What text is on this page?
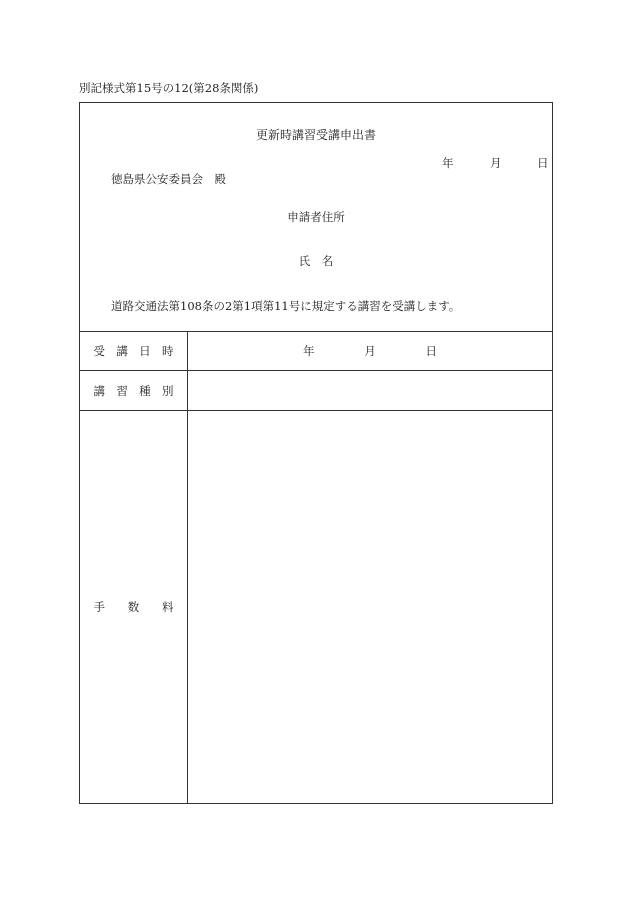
別記様式第15号の12(第28条関係)
更新時講習受講申出書
年	月	日
徳島県公安委員会　殿
申請者住所
氏　名
道路交通法第108条の2第1項第11号に規定する講習を受講します。
受 講 日 時	年	月	日
講 習 種 別
手 数 料
